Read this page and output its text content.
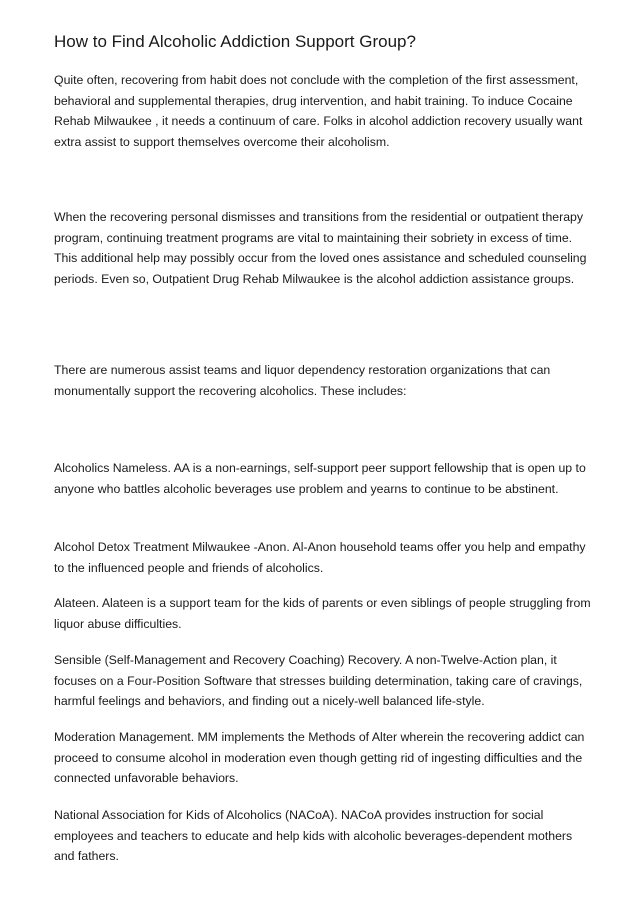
How to Find Alcoholic Addiction Support Group?

Quite often, recovering from habit does not conclude with the completion of the first assessment, behavioral and supplemental therapies, drug intervention, and habit training. To induce Cocaine Rehab Milwaukee , it needs a continuum of care. Folks in alcohol addiction recovery usually want extra assist to support themselves overcome their alcoholism.

When the recovering personal dismisses and transitions from the residential or outpatient therapy program, continuing treatment programs are vital to maintaining their sobriety in excess of time. This additional help may possibly occur from the loved ones assistance and scheduled counseling periods. Even so, Outpatient Drug Rehab Milwaukee is the alcohol addiction assistance groups.

There are numerous assist teams and liquor dependency restoration organizations that can monumentally support the recovering alcoholics. These includes:

Alcoholics Nameless. AA is a non-earnings, self-support peer support fellowship that is open up to anyone who battles alcoholic beverages use problem and yearns to continue to be abstinent.

Alcohol Detox Treatment Milwaukee -Anon. Al-Anon household teams offer you help and empathy to the influenced people and friends of alcoholics.

Alateen. Alateen is a support team for the kids of parents or even siblings of people struggling from liquor abuse difficulties.

Sensible (Self-Management and Recovery Coaching) Recovery. A non-Twelve-Action plan, it focuses on a Four-Position Software that stresses building determination, taking care of cravings, harmful feelings and behaviors, and finding out a nicely-well balanced life-style.

Moderation Management. MM implements the Methods of Alter wherein the recovering addict can proceed to consume alcohol in moderation even though getting rid of ingesting difficulties and the connected unfavorable behaviors.

National Association for Kids of Alcoholics (NACoA). NACoA provides instruction for social employees and teachers to educate and help kids with alcoholic beverages-dependent mothers and fathers.
